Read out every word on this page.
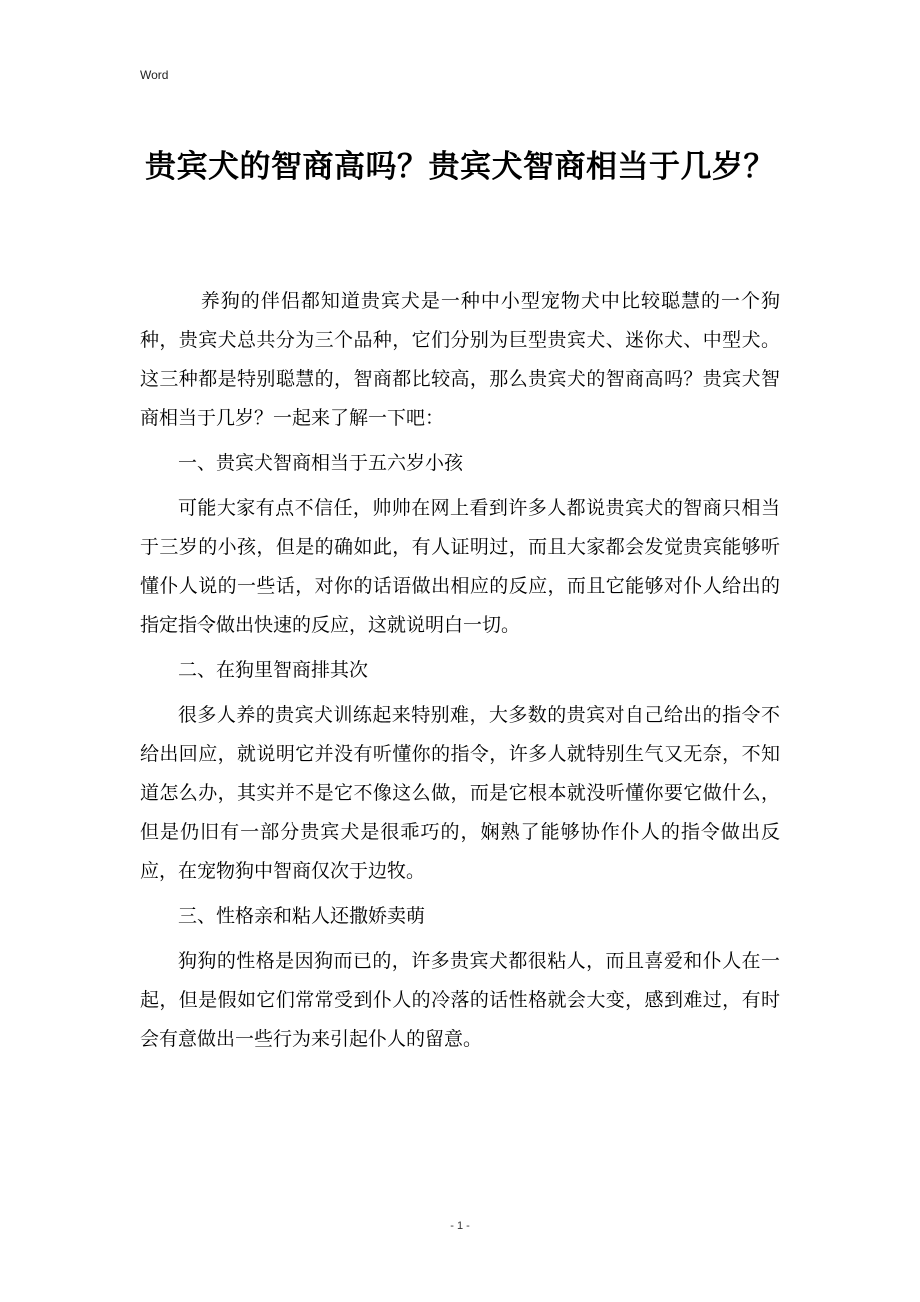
Word
贵宾犬的智商高吗？贵宾犬智商相当于几岁？

养狗的伴侣都知道贵宾犬是一种中小型宠物犬中比较聪慧的一个狗种，贵宾犬总共分为三个品种，它们分别为巨型贵宾犬、迷你犬、中型犬。这三种都是特别聪慧的，智商都比较高，那么贵宾犬的智商高吗？贵宾犬智商相当于几岁？一起来了解一下吧：

一、贵宾犬智商相当于五六岁小孩

可能大家有点不信任，帅帅在网上看到许多人都说贵宾犬的智商只相当于三岁的小孩，但是的确如此，有人证明过，而且大家都会发觉贵宾能够听懂仆人说的一些话，对你的话语做出相应的反应，而且它能够对仆人给出的指定指令做出快速的反应，这就说明白一切。

二、在狗里智商排其次

很多人养的贵宾犬训练起来特别难，大多数的贵宾对自己给出的指令不给出回应，就说明它并没有听懂你的指令，许多人就特别生气又无奈，不知道怎么办，其实并不是它不像这么做，而是它根本就没听懂你要它做什么，但是仍旧有一部分贵宾犬是很乖巧的，娴熟了能够协作仆人的指令做出反应，在宠物狗中智商仅次于边牧。

三、性格亲和粘人还撒娇卖萌

狗狗的性格是因狗而已的，许多贵宾犬都很粘人，而且喜爱和仆人在一起，但是假如它们常常受到仆人的冷落的话性格就会大变，感到难过，有时会有意做出一些行为来引起仆人的留意。

- 1 -
